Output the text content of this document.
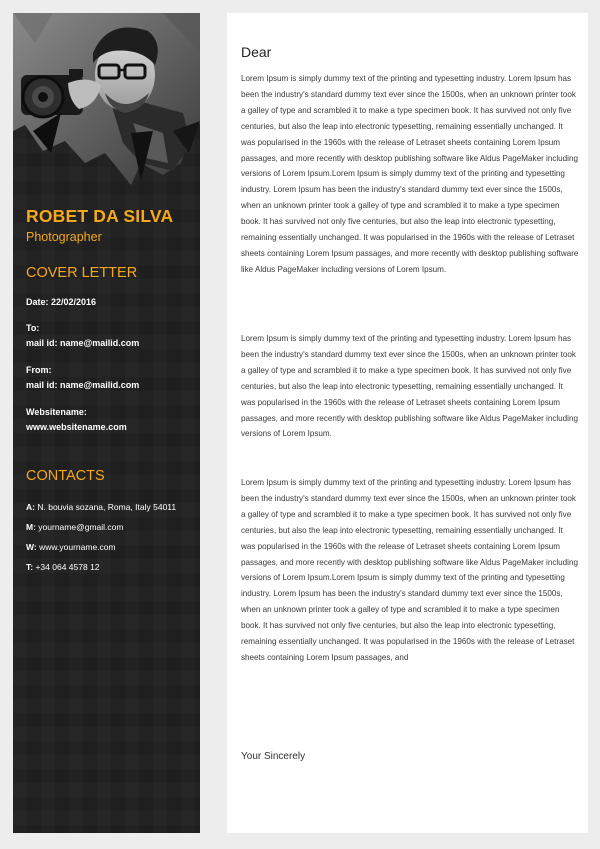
ROBET DA SILVA
Photographer
COVER LETTER
Date: 22/02/2016
To:
mail id: name@mailid.com
From:
mail id: name@mailid.com
Websitename:
www.websitename.com
CONTACTS
A: N. bouvia sozana, Roma, Italy 54011
M: yourname@gmail.com
W: www.yourname.com
T: +34 064 4578 12
Dear

Lorem Ipsum is simply dummy text of the printing and typesetting industry. Lorem Ipsum has been the industry's standard dummy text ever since the 1500s, when an unknown printer took a galley of type and scrambled it to make a type specimen book. It has survived not only five centuries, but also the leap into electronic typesetting, remaining essentially unchanged. It was popularised in the 1960s with the release of Letraset sheets containing Lorem Ipsum passages, and more recently with desktop publishing software like Aldus PageMaker including versions of Lorem Ipsum.Lorem Ipsum is simply dummy text of the printing and typesetting industry. Lorem Ipsum has been the industry's standard dummy text ever since the 1500s, when an unknown printer took a galley of type and scrambled it to make a type specimen book. It has survived not only five centuries, but also the leap into electronic typesetting, remaining essentially unchanged. It was popularised in the 1960s with the release of Letraset sheets containing Lorem Ipsum passages, and more recently with desktop publishing software like Aldus PageMaker including versions of Lorem Ipsum.

Lorem Ipsum is simply dummy text of the printing and typesetting industry. Lorem Ipsum has been the industry's standard dummy text ever since the 1500s, when an unknown printer took a galley of type and scrambled it to make a type specimen book. It has survived not only five centuries, but also the leap into electronic typesetting, remaining essentially unchanged. It was popularised in the 1960s with the release of Letraset sheets containing Lorem Ipsum passages, and more recently with desktop publishing software like Aldus PageMaker including versions of Lorem Ipsum.

Lorem Ipsum is simply dummy text of the printing and typesetting industry. Lorem Ipsum has been the industry's standard dummy text ever since the 1500s, when an unknown printer took a galley of type and scrambled it to make a type specimen book. It has survived not only five centuries, but also the leap into electronic typesetting, remaining essentially unchanged. It was popularised in the 1960s with the release of Letraset sheets containing Lorem Ipsum passages, and more recently with desktop publishing software like Aldus PageMaker including versions of Lorem Ipsum.Lorem Ipsum is simply dummy text of the printing and typesetting industry. Lorem Ipsum has been the industry's standard dummy text ever since the 1500s, when an unknown printer took a galley of type and scrambled it to make a type specimen book. It has survived not only five centuries, but also the leap into electronic typesetting, remaining essentially unchanged. It was popularised in the 1960s with the release of Letraset sheets containing Lorem Ipsum passages, and

Your Sincerely
